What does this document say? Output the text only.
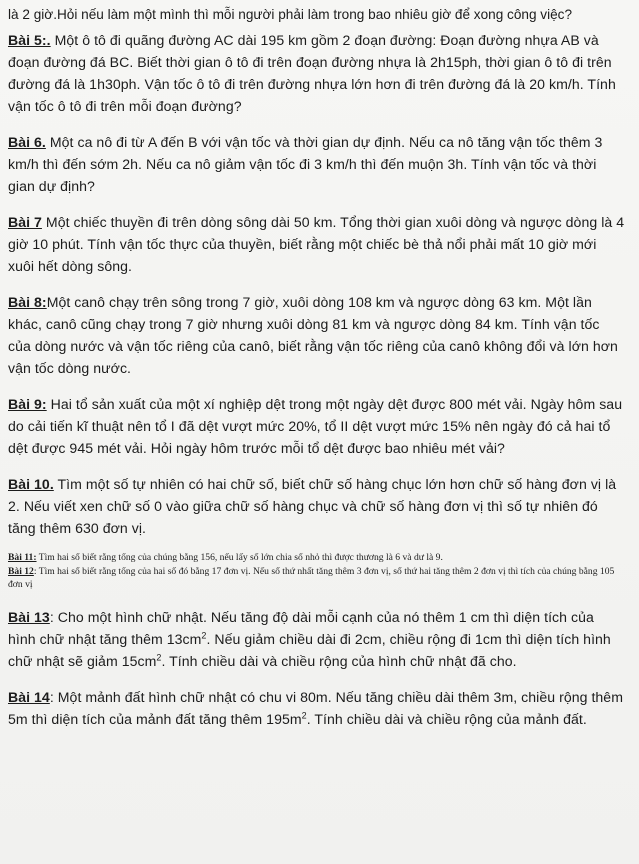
là 2 giờ.Hỏi nếu làm một mình thì mỗi người phải làm trong bao nhiêu giờ để xong công việc?

Bài 5:. Một ô tô đi quãng đường AC dài 195 km gồm 2 đoạn đường: Đoạn đường nhựa AB và đoạn đường đá BC. Biết thời gian ô tô đi trên đoạn đường nhựa là 2h15ph, thời gian ô tô đi trên đường đá là 1h30ph. Vận tốc ô tô đi trên đường nhựa lớn hơn đi trên đường đá là 20 km/h. Tính vận tốc ô tô đi trên mỗi đoạn đường?

Bài 6. Một ca nô đi từ A đến B với vận tốc và thời gian dự định. Nếu ca nô tăng vận tốc thêm 3 km/h thì đến sớm 2h. Nếu ca nô giảm vận tốc đi 3 km/h thì đến muộn 3h. Tính vận tốc và thời gian dự định?

Bài 7 Một chiếc thuyền đi trên dòng sông dài 50 km. Tổng thời gian xuôi dòng và ngược dòng là 4 giờ 10 phút. Tính vận tốc thực của thuyền, biết rằng một chiếc bè thả nổi phải mất 10 giờ mới xuôi hết dòng sông.

Bài 8:Một canô chạy trên sông trong 7 giờ, xuôi dòng 108 km và ngược dòng 63 km. Một lần khác, canô cũng chạy trong 7 giờ nhưng xuôi dòng 81 km và ngược dòng 84 km. Tính vận tốc của dòng nước và vận tốc riêng của canô, biết rằng vận tốc riêng của canô không đổi và lớn hơn vận tốc dòng nước.

Bài 9: Hai tổ sản xuất của một xí nghiệp dệt trong một ngày dệt được 800 mét vải. Ngày hôm sau do cải tiến kĩ thuật nên tổ I đã dệt vượt mức 20%, tổ II dệt vượt mức 15% nên ngày đó cả hai tổ dệt được 945 mét vải. Hỏi ngày hôm trước mỗi tổ dệt được bao nhiêu mét vải?

Bài 10. Tìm một số tự nhiên có hai chữ số, biết chữ số hàng chục lớn hơn chữ số hàng đơn vị là 2. Nếu viết xen chữ số 0 vào giữa chữ số hàng chục và chữ số hàng đơn vị thì số tự nhiên đó tăng thêm 630 đơn vị.

Bài 11: Tìm hai số biết rằng tổng của chúng bằng 156, nếu lấy số lớn chia số nhỏ thì được thương là 6 và dư là 9.

Bài 12: Tìm hai số biết rằng tổng của hai số đó bằng 17 đơn vị. Nếu số thứ nhất tăng thêm 3 đơn vị, số thứ hai tăng thêm 2 đơn vị thì tích của chúng bằng 105 đơn vị

Bài 13: Cho một hình chữ nhật. Nếu tăng độ dài mỗi cạnh của nó thêm 1 cm thì diện tích của hình chữ nhật tăng thêm $13cm^2$. Nếu giảm chiều dài đi 2cm, chiều rộng đi 1cm thì diện tích hình chữ nhật sẽ giảm $15cm^2$. Tính chiều dài và chiều rộng của hình chữ nhật đã cho.

Bài 14: Một mảnh đất hình chữ nhật có chu vi 80m. Nếu tăng chiều dài thêm 3m, chiều rộng thêm 5m thì diện tích của mảnh đất tăng thêm $195m^2$. Tính chiều dài và chiều rộng của mảnh đất.
